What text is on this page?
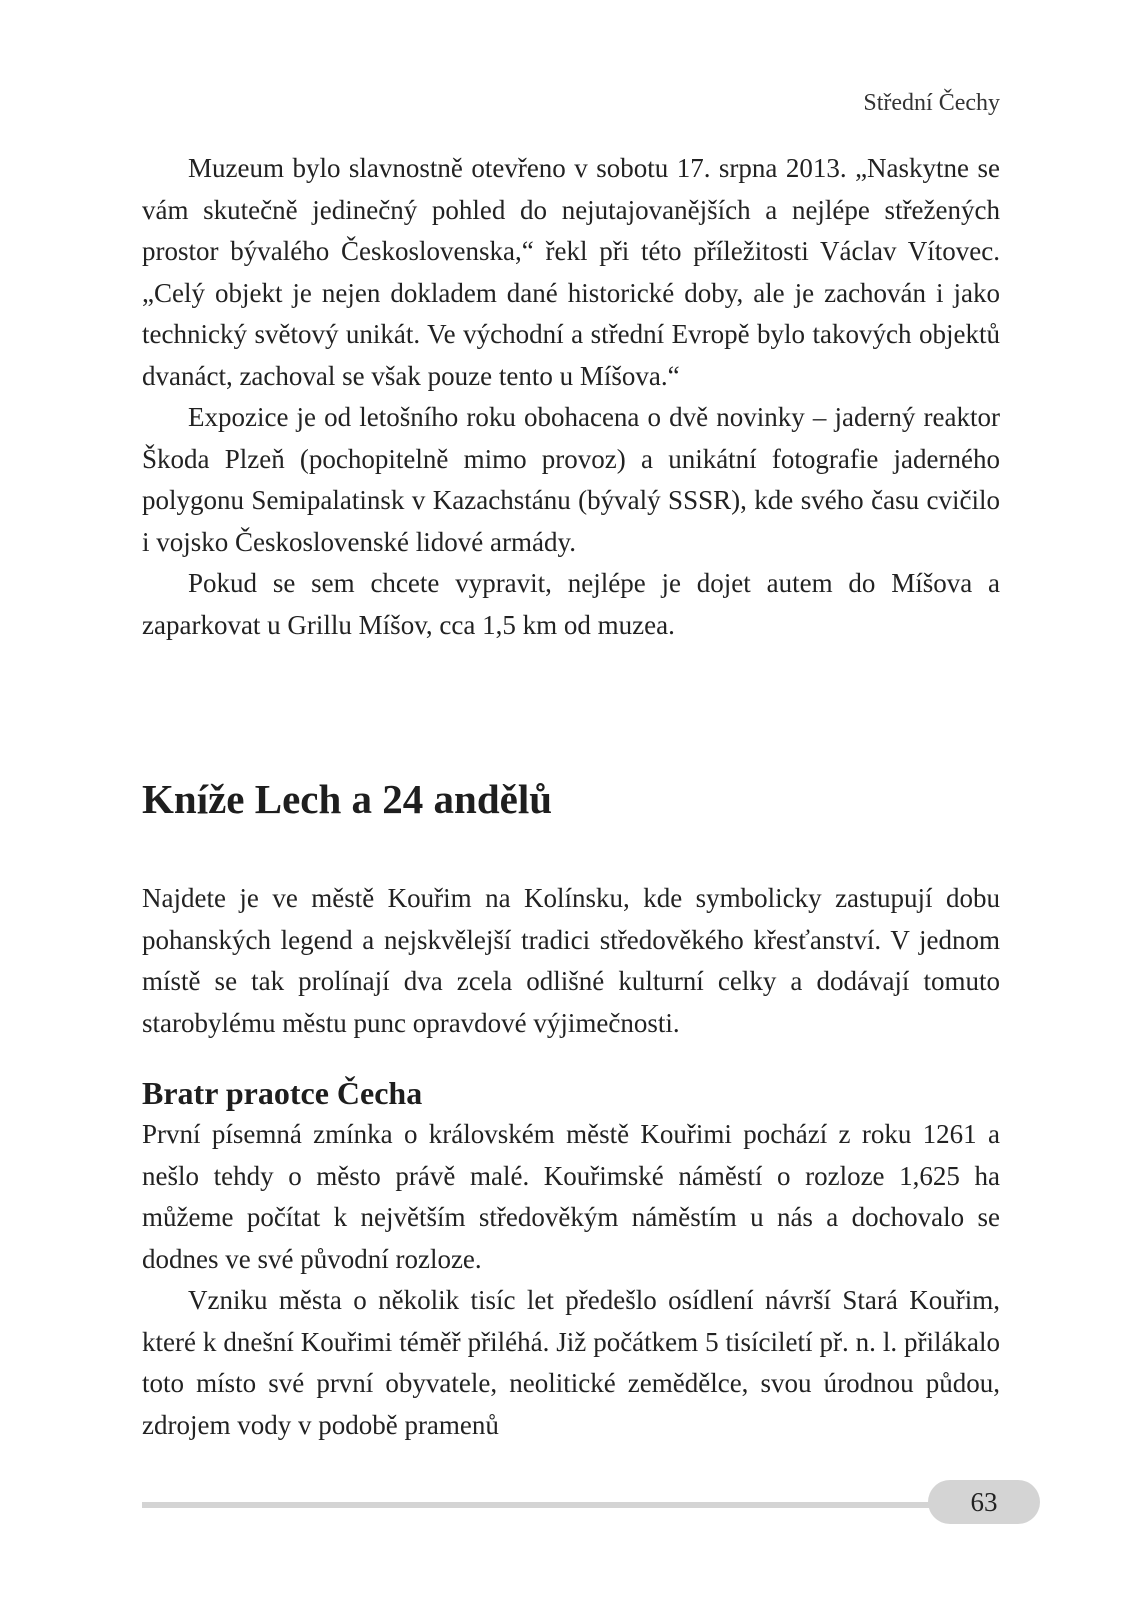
Střední Čechy

Muzeum bylo slavnostně otevřeno v sobotu 17. srpna 2013. „Naskytne se vám skutečně jedinečný pohled do nejutajovanějších a nejlépe střežených prostor bývalého Československa,“ řekl při této příležitosti Václav Vítovec. „Celý objekt je nejen dokladem dané historické doby, ale je zachován i jako technický světový unikát. Ve východní a střední Evropě bylo takových objektů dvanáct, zachoval se však pouze tento u Míšova.“

Expozice je od letošního roku obohacena o dvě novinky – jaderný reaktor Škoda Plzeň (pochopitelně mimo provoz) a unikátní fotografie jaderného polygonu Semipalatinsk v Kazachstánu (bývalý SSSR), kde svého času cvičilo i vojsko Československé lidové armády.

Pokud se sem chcete vypravit, nejlépe je dojet autem do Míšova a zaparkovat u Grillu Míšov, cca 1,5 km od muzea.

Kníže Lech a 24 andělů

Najdete je ve městě Kouřim na Kolínsku, kde symbolicky zastupují dobu pohanských legend a nejskvělejší tradici středověkého křesťanství. V jednom místě se tak prolínají dva zcela odlišné kulturní celky a dodávají tomuto starobylému městu punc opravdové výjimečnosti.

Bratr praotce Čecha

První písemná zmínka o královském městě Kouřimi pochází z roku 1261 a nešlo tehdy o město právě malé. Kouřimské náměstí o rozloze 1,625 ha můžeme počítat k největším středověkým náměstím u nás a dochovalo se dodnes ve své původní rozloze.

Vzniku města o několik tisíc let předešlo osídlení návrší Stará Kouřim, které k dnešní Kouřimi téměř přiléhá. Již počátkem 5 tisíciletí př. n. l. přilákalo toto místo své první obyvatele, neolitické zemědělce, svou úrodnou půdou, zdrojem vody v podobě pramenů

63
